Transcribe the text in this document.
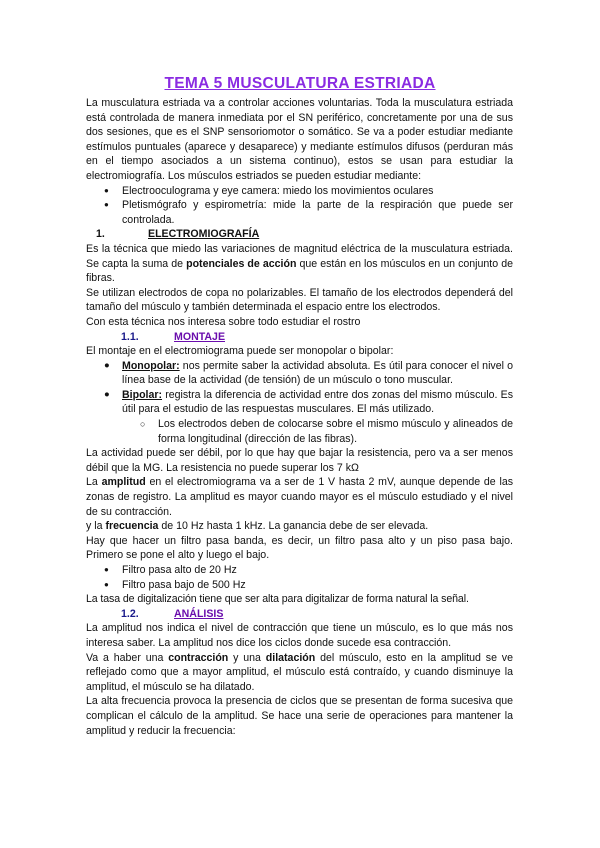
TEMA 5 MUSCULATURA ESTRIADA

La musculatura estriada va a controlar acciones voluntarias. Toda la musculatura estriada está controlada de manera inmediata por el SN periférico, concretamente por una de sus dos sesiones, que es el SNP sensoriomotor o somático. Se va a poder estudiar mediante estímulos puntuales (aparece y desaparece) y mediante estímulos difusos (perduran más en el tiempo asociados a un sistema continuo), estos se usan para estudiar la electromiografía. Los músculos estriados se pueden estudiar mediante:

● Electrooculograma y eye camera: miedo los movimientos oculares
● Pletismógrafo y espirometría: mide la parte de la respiración que puede ser controlada.
1.	ELECTROMIOGRAFÍA

Es la técnica que miedo las variaciones de magnitud eléctrica de la musculatura estriada. Se capta la suma de potenciales de acción que están en los músculos en un conjunto de fibras.

Se utilizan electrodos de copa no polarizables. El tamaño de los electrodos dependerá del tamaño del músculo y también determinada el espacio entre los electrodos.

Con esta técnica nos interesa sobre todo estudiar el rostro

1.1.	MONTAJE

El montaje en el electromiograma puede ser monopolar o bipolar:

● Monopolar: nos permite saber la actividad absoluta. Es útil para conocer el nivel o línea base de la actividad (de tensión) de un músculo o tono muscular.
● Bipolar: registra la diferencia de actividad entre dos zonas del mismo músculo. Es útil para el estudio de las respuestas musculares. El más utilizado.
○ Los electrodos deben de colocarse sobre el mismo músculo y alineados de forma longitudinal (dirección de las fibras).

La actividad puede ser débil, por lo que hay que bajar la resistencia, pero va a ser menos débil que la MG. La resistencia no puede superar los 7 kΩ

La amplitud en el electromiograma va a ser de 1 V hasta 2 mV, aunque depende de las zonas de registro. La amplitud es mayor cuando mayor es el músculo estudiado y el nivel de su contracción.

y la frecuencia de 10 Hz hasta 1 kHz. La ganancia debe de ser elevada.

Hay que hacer un filtro pasa banda, es decir, un filtro pasa alto y un piso pasa bajo. Primero se pone el alto y luego el bajo.

● Filtro pasa alto de 20 Hz
● Filtro pasa bajo de 500 Hz

La tasa de digitalización tiene que ser alta para digitalizar de forma natural la señal.

1.2.	ANÁLISIS

La amplitud nos indica el nivel de contracción que tiene un músculo, es lo que más nos interesa saber. La amplitud nos dice los ciclos donde sucede esa contracción.

Va a haber una contracción y una dilatación del músculo, esto en la amplitud se ve reflejado como que a mayor amplitud, el músculo está contraído, y cuando disminuye la amplitud, el músculo se ha dilatado.

La alta frecuencia provoca la presencia de ciclos que se presentan de forma sucesiva que complican el cálculo de la amplitud. Se hace una serie de operaciones para mantener la amplitud y reducir la frecuencia:
